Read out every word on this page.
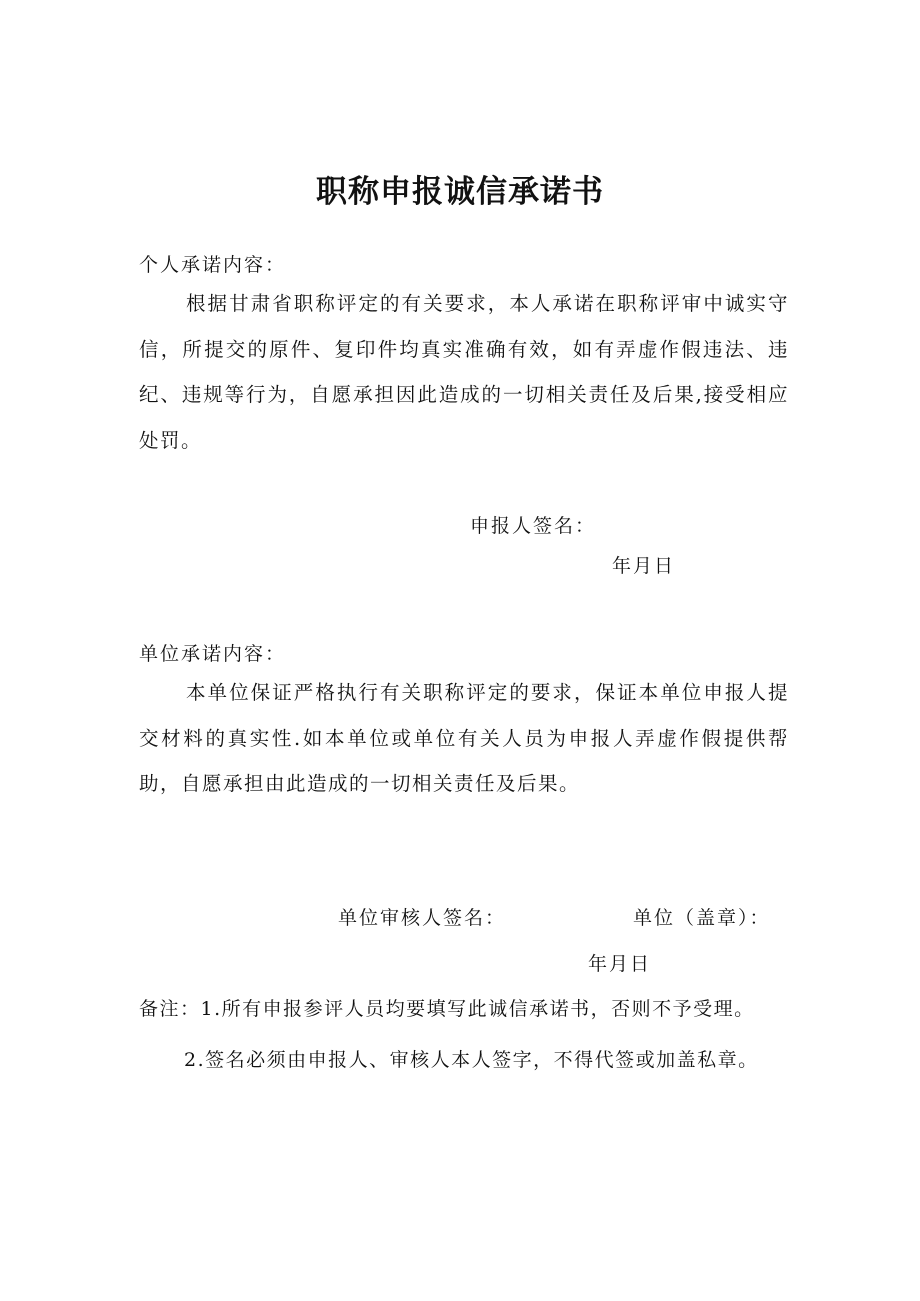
职称申报诚信承诺书
个人承诺内容：

根据甘肃省职称评定的有关要求，本人承诺在职称评审中诚实守信，所提交的原件、复印件均真实准确有效，如有弄虚作假违法、违纪、违规等行为，自愿承担因此造成的一切相关责任及后果,接受相应处罚。

申报人签名：
年月日
单位承诺内容：

本单位保证严格执行有关职称评定的要求，保证本单位申报人提交材料的真实性.如本单位或单位有关人员为申报人弄虚作假提供帮助，自愿承担由此造成的一切相关责任及后果。

单位审核人签名：	单位（盖章）：
年月日
备注：1.所有申报参评人员均要填写此诚信承诺书，否则不予受理。
2.签名必须由申报人、审核人本人签字，不得代签或加盖私章。
